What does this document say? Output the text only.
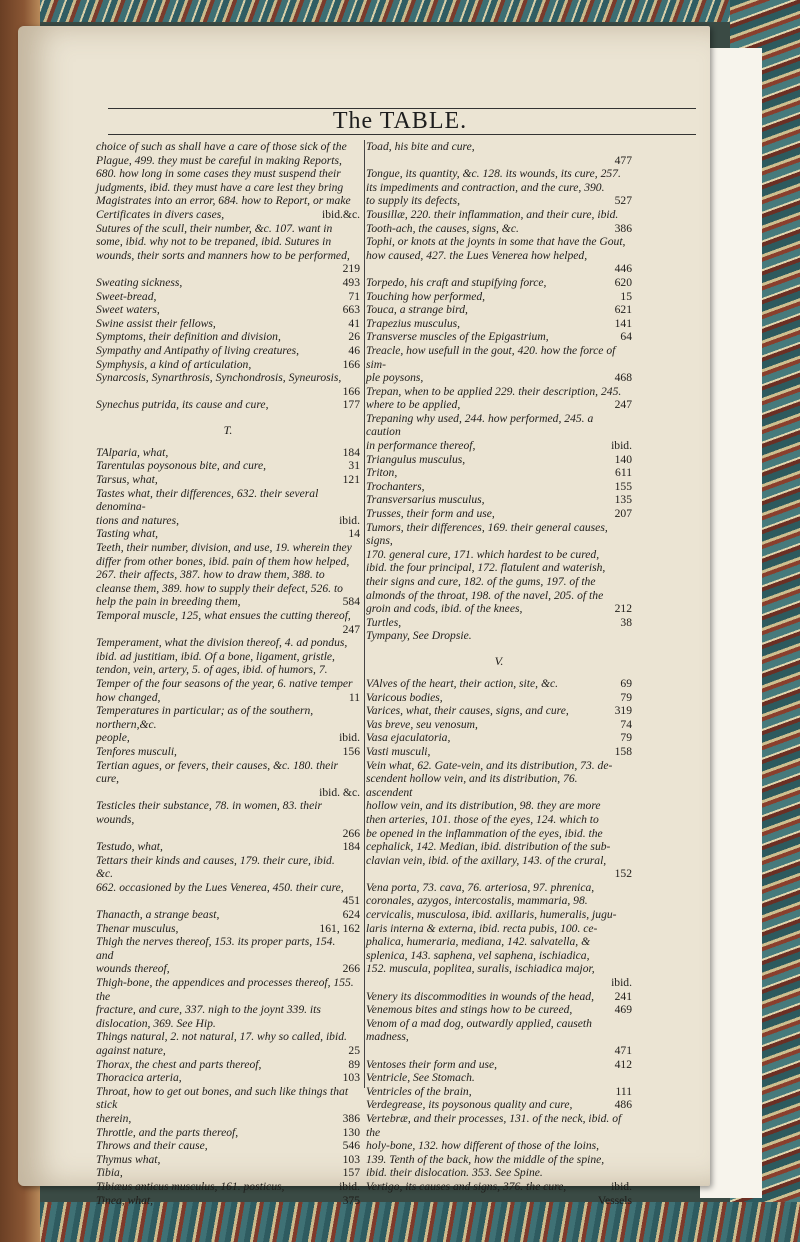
The TABLE.
choice of such as shall have a care of those sick of the
Plague, 499. they must be careful in making Reports,
680. how long in some cases they must suspend their
judgments, ibid. they must have a care lest they bring
Magistrates into an error, 684. how to Report, or make
Certificates in divers cases,	ibid.&c.
Sutures of the scull, their number, &c. 107. want in
some, ibid. why not to be trepaned, ibid. Sutures in
wounds, their sorts and manners how to be performed,
219
Sweating sickness,	493
Sweet-bread,	71
Sweet waters,	663
Swine assist their fellows,	41
Symptoms, their definition and division,	26
Sympathy and Antipathy of living creatures,	46
Symphysis, a kind of articulation,	166
Synarcosis, Synarthrosis, Synchondrosis, Syneurosis,
166
Synechus putrida, its cause and cure,	177
T.
TAlparia, what,	184
Tarentulas poysonous bite, and cure,	31
Tarsus, what,	121
Tastes what, their differences, 632. their several denomina-
tions and natures,	ibid.
Tasting what,	14
Teeth, their number, division, and use, 19. wherein they
differ from other bones, ibid. pain of them how helped,
267. their affects, 387. how to draw them, 388. to
cleanse them, 389. how to supply their defect, 526. to
help the pain in breeding them,	584
Temporal muscle, 125, what ensues the cutting thereof,
247
Temperament, what the division thereof, 4. ad pondus,
ibid. ad justitiam, ibid. Of a bone, ligament, gristle,
tendon, vein, artery, 5. of ages, ibid. of humors, 7.
Temper of the four seasons of the year, 6. native temper
how changed,	11
Temperatures in particular; as of the southern, northern,&c.
people,	ibid.
Tenfores musculi,	156
Tertian agues, or fevers, their causes, &c. 180. their cure,
ibid. &c.
Testicles their substance, 78. in women, 83. their wounds,
266
Testudo, what,	184
Tettars their kinds and causes, 179. their cure, ibid. &c.
662. occasioned by the Lues Venerea, 450. their cure,
451
Thanacth, a strange beast,	624
Thenar musculus,	161, 162
Thigh the nerves thereof, 153. its proper parts, 154. and
wounds thereof,	266
Thigh-bone, the appendices and processes thereof, 155. the
fracture, and cure, 337. nigh to the joynt 339. its
dislocation, 369. See Hip.
Things natural, 2. not natural, 17. why so called, ibid.
against nature,	25
Thorax, the chest and parts thereof,	89
Thoracica arteria,	103
Throat, how to get out bones, and such like things that stick
therein,	386
Throttle, and the parts thereof,	130
Throws and their cause,	546
Thymus what,	103
Tibia,	157
Tibiæus anticus musculus, 161. posticus,	ibid.
Tinea, what,	375
Toad, his bite and cure,
477
Tongue, its quantity, &c. 128. its wounds, its cure, 257.
its impediments and contraction, and the cure, 390.
to supply its defects,	527
Tousillæ, 220. their inflammation, and their cure, ibid.
Tooth-ach, the causes, signs, &c.	386
Tophi, or knots at the joynts in some that have the Gout,
how caused, 427. the Lues Venerea how helped,
446
Torpedo, his craft and stupifying force,	620
Touching how performed,	15
Touca, a strange bird,	621
Trapezius musculus,	141
Transverse muscles of the Epigastrium,	64
Treacle, how usefull in the gout, 420. how the force of sim-
ple poysons,	468
Trepan, when to be applied 229. their description, 245.
where to be applied,	247
Trepaning why used, 244. how performed, 245. a caution
in performance thereof,	ibid.
Triangulus musculus,	140
Triton,	611
Trochanters,	155
Transversarius musculus,	135
Trusses, their form and use,	207
Tumors, their differences, 169. their general causes, signs,
170. general cure, 171. which hardest to be cured,
ibid. the four principal, 172. flatulent and waterish,
their signs and cure, 182. of the gums, 197. of the
almonds of the throat, 198. of the navel, 205. of the
groin and cods, ibid. of the knees,	212
Turtles,	38
Tympany, See Dropsie.
V.
VAlves of the heart, their action, site, &c.	69
Varicous bodies,	79
Varices, what, their causes, signs, and cure,	319
Vas breve, seu venosum,	74
Vasa ejaculatoria,	79
Vasti musculi,	158
Vein what, 62. Gate-vein, and its distribution, 73. de-
scendent hollow vein, and its distribution, 76. ascendent
hollow vein, and its distribution, 98. they are more
then arteries, 101. those of the eyes, 124. which to
be opened in the inflammation of the eyes, ibid. the
cephalick, 142. Median, ibid. distribution of the sub-
clavian vein, ibid. of the axillary, 143. of the crural,
152
Vena porta, 73. cava, 76. arteriosa, 97. phrenica,
coronales, azygos, intercostalis, mammaria, 98.
cervicalis, musculosa, ibid. axillaris, humeralis, jugu-
laris interna & externa, ibid. recta pubis, 100. ce-
phalica, humeraria, mediana, 142. salvatella, &
splenica, 143. saphena, vel saphena, ischiadica,
152. muscula, poplitea, suralis, ischiadica major,
ibid.
Venery its discommodities in wounds of the head,	241
Venemous bites and stings how to be cureed,	469
Venom of a mad dog, outwardly applied, causeth madness,
471
Ventoses their form and use,	412
Ventricle, See Stomach.
Ventricles of the brain,	111
Verdegrease, its poysonous quality and cure,	486
Vertebræ, and their processes, 131. of the neck, ibid. of the
holy-bone, 132. how different of those of the loins,
139. Tenth of the back, how the middle of the spine,
ibid. their dislocation. 353. See Spine.
Vertigo, its causes and signs, 376. the cure,	ibid.
Vessels
